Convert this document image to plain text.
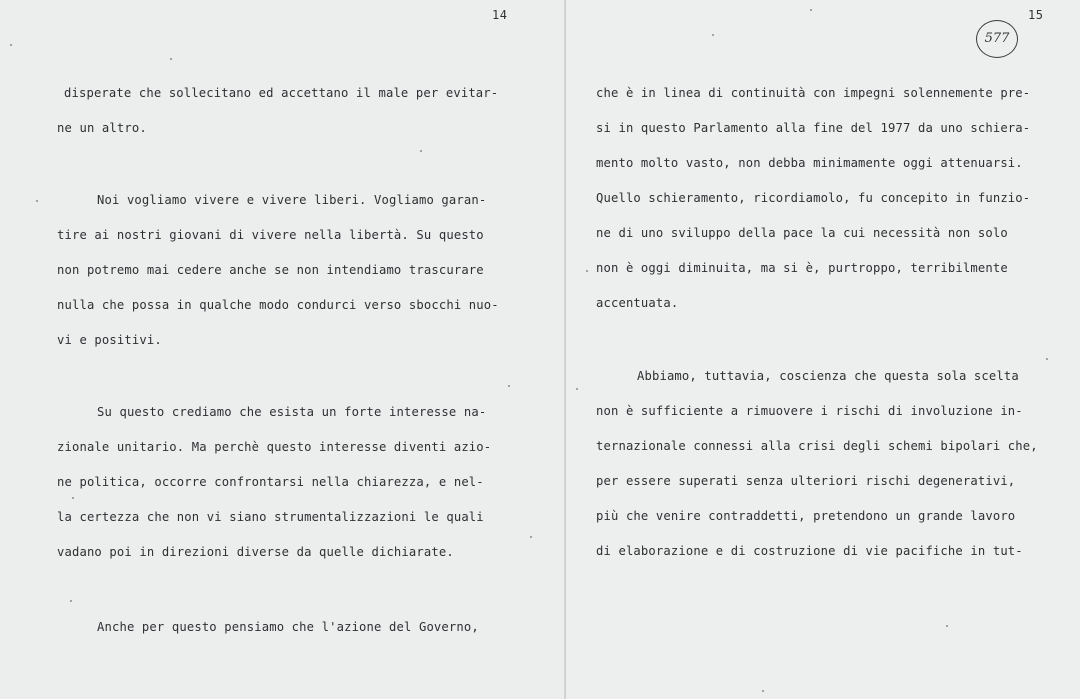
14
disperate che sollecitano ed accettano il male per evitar-
ne un altro.
Noi vogliamo vivere e vivere liberi. Vogliamo garan-
tire ai nostri giovani di vivere nella libertà. Su questo
non potremo mai cedere anche se non intendiamo trascurare
nulla che possa in qualche modo condurci verso sbocchi nuo-
vi e positivi.
Su questo crediamo che esista un forte interesse na-
zionale unitario. Ma perchè questo interesse diventi azio-
ne politica, occorre confrontarsi nella chiarezza, e nel-
la certezza che non vi siano strumentalizzazioni le quali
vadano poi in direzioni diverse da quelle dichiarate.
Anche per questo pensiamo che l'azione del Governo,
15
577
che è in linea di continuità con impegni solennemente pre-
si in questo Parlamento alla fine del 1977 da uno schiera-
mento molto vasto, non debba minimamente oggi attenuarsi.
Quello schieramento, ricordiamolo, fu concepito in funzio-
ne di uno sviluppo della pace la cui necessità non solo
non è oggi diminuita, ma si è, purtroppo, terribilmente
accentuata.
Abbiamo, tuttavia, coscienza che questa sola scelta
non è sufficiente a rimuovere i rischi di involuzione in-
ternazionale connessi alla crisi degli schemi bipolari che,
per essere superati senza ulteriori rischi degenerativi,
più che venire contraddetti, pretendono un grande lavoro
di elaborazione e di costruzione di vie pacifiche in tut-
